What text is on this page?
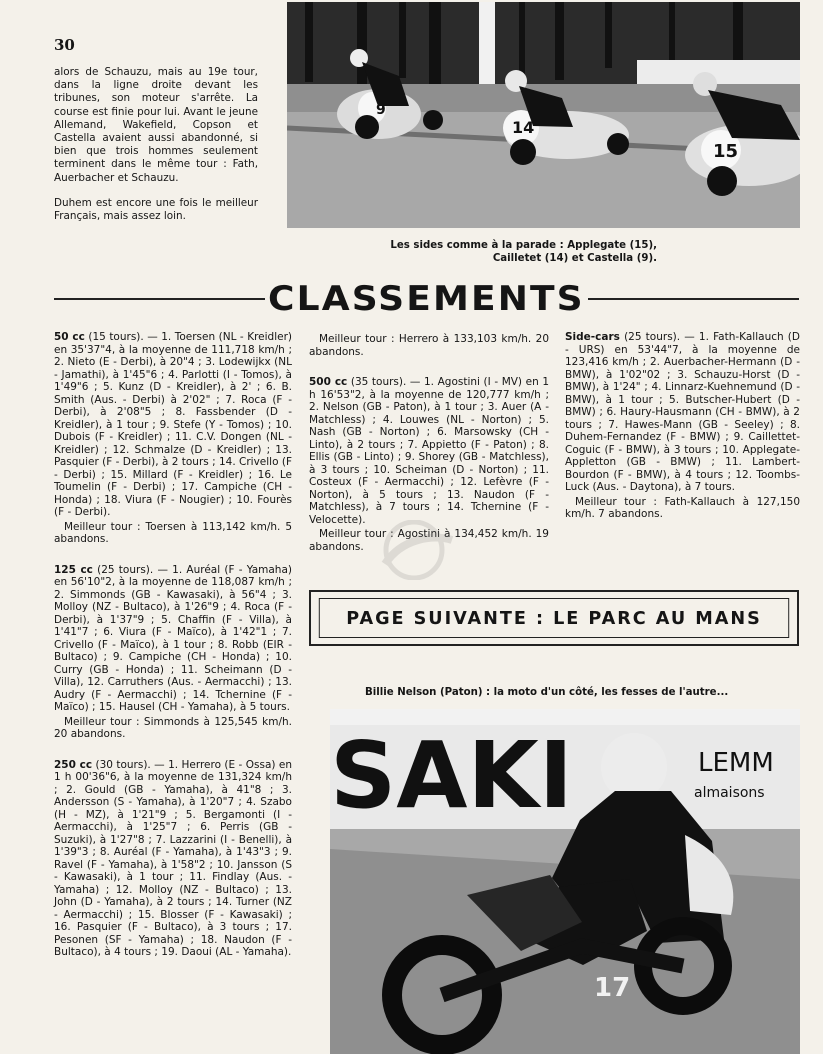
30

alors de Schauzu, mais au 19e tour, dans la ligne droite devant les tribunes, son moteur s'arrête. La course est finie pour lui. Avant le jeune Allemand, Wakefield, Copson et Castella avaient aussi abandonné, si bien que trois hommes seulement terminent dans le même tour : Fath, Auerbacher et Schauzu.

Duhem est encore une fois le meilleur Français, mais assez loin.

9
14
15
Les sides comme à la parade : Applegate (15),
Cailletet (14) et Castella (9).
CLASSEMENTS
50 cc (15 tours). — 1. Toersen (NL - Kreidler) en 35'37"4, à la moyenne de 111,718 km/h ; 2. Nieto (E - Derbi), à 20"4 ; 3. Lodewijkx (NL - Jamathi), à 1'45"6 ; 4. Parlotti (I - Tomos), à 1'49"6 ; 5. Kunz (D - Kreidler), à 2' ; 6. B. Smith (Aus. - Derbi) à 2'02" ; 7. Roca (F - Derbi), à 2'08"5 ; 8. Fassbender (D - Kreidler), à 1 tour ; 9. Stefe (Y - Tomos) ; 10. Dubois (F - Kreidler) ; 11. C.V. Dongen (NL - Kreidler) ; 12. Schmalze (D - Kreidler) ; 13. Pasquier (F - Derbi), à 2 tours ; 14. Crivello (F - Derbi) ; 15. Millard (F - Kreidler) ; 16. Le Toumelin (F - Derbi) ; 17. Campiche (CH - Honda) ; 18. Viura (F - Nougier) ; 10. Fourès (F - Derbi).

Meilleur tour : Toersen à 113,142 km/h. 5 abandons.

125 cc (25 tours). — 1. Auréal (F - Yamaha) en 56'10"2, à la moyenne de 118,087 km/h ; 2. Simmonds (GB - Kawasaki), à 56"4 ; 3. Molloy (NZ - Bultaco), à 1'26"9 ; 4. Roca (F - Derbi), à 1'37"9 ; 5. Chaffin (F - Villa), à 1'41"7 ; 6. Viura (F - Maïco), à 1'42"1 ; 7. Crivello (F - Maïco), à 1 tour ; 8. Robb (EIR - Bultaco) ; 9. Campiche (CH - Honda) ; 10. Curry (GB - Honda) ; 11. Scheimann (D - Villa), 12. Carruthers (Aus. - Aermacchi) ; 13. Audry (F - Aermacchi) ; 14. Tchernine (F - Maïco) ; 15. Hausel (CH - Yamaha), à 5 tours.

Meilleur tour : Simmonds à 125,545 km/h. 20 abandons.

250 cc (30 tours). — 1. Herrero (E - Ossa) en 1 h 00'36"6, à la moyenne de 131,324 km/h ; 2. Gould (GB - Yamaha), à 41"8 ; 3. Andersson (S - Yamaha), à 1'20"7 ; 4. Szabo (H - MZ), à 1'21"9 ; 5. Bergamonti (I - Aermacchi), à 1'25"7 ; 6. Perris (GB - Suzuki), à 1'27"8 ; 7. Lazzarini (I - Benelli), à 1'39"3 ; 8. Auréal (F - Yamaha), à 1'43"3 ; 9. Ravel (F - Yamaha), à 1'58"2 ; 10. Jansson (S - Kawasaki), à 1 tour ; 11. Findlay (Aus. - Yamaha) ; 12. Molloy (NZ - Bultaco) ; 13. John (D - Yamaha), à 2 tours ; 14. Turner (NZ - Aermacchi) ; 15. Blosser (F - Kawasaki) ; 16. Pasquier (F - Bultaco), à 3 tours ; 17. Pesonen (SF - Yamaha) ; 18. Naudon (F - Bultaco), à 4 tours ; 19. Daoui (AL - Yamaha).

Meilleur tour : Herrero à 133,103 km/h. 20 abandons.

500 cc (35 tours). — 1. Agostini (I - MV) en 1 h 16'53"2, à la moyenne de 120,777 km/h ; 2. Nelson (GB - Paton), à 1 tour ; 3. Auer (A - Matchless) ; 4. Louwes (NL - Norton) ; 5. Nash (GB - Norton) ; 6. Marsowsky (CH - Linto), à 2 tours ; 7. Appietto (F - Paton) ; 8. Ellis (GB - Linto) ; 9. Shorey (GB - Matchless), à 3 tours ; 10. Scheiman (D - Norton) ; 11. Costeux (F - Aermacchi) ; 12. Lefèvre (F - Norton), à 5 tours ; 13. Naudon (F - Matchless), à 7 tours ; 14. Tchernine (F - Velocette).

Meilleur tour : Agostini à 134,452 km/h. 19 abandons.

Side-cars (25 tours). — 1. Fath-Kallauch (D - URS) en 53'44"7, à la moyenne de 123,416 km/h ; 2. Auerbacher-Hermann (D - BMW), à 1'02"02 ; 3. Schauzu-Horst (D - BMW), à 1'24" ; 4. Linnarz-Kuehnemund (D - BMW), à 1 tour ; 5. Butscher-Hubert (D - BMW) ; 6. Haury-Hausmann (CH - BMW), à 2 tours ; 7. Hawes-Mann (GB - Seeley) ; 8. Duhem-Fernandez (F - BMW) ; 9. Caillettet-Coguic (F - BMW), à 3 tours ; 10. Applegate-Appletton (GB - BMW) ; 11. Lambert-Bourdon (F - BMW), à 4 tours ; 12. Toombs-Luck (Aus. - Daytona), à 7 tours.

Meilleur tour : Fath-Kallauch à 127,150 km/h. 7 abandons.

PAGE SUIVANTE : LE PARC AU MANS
Billie Nelson (Paton) : la moto d'un côté, les fesses de l'autre...
SAKI	LEMM
almaisons
17
